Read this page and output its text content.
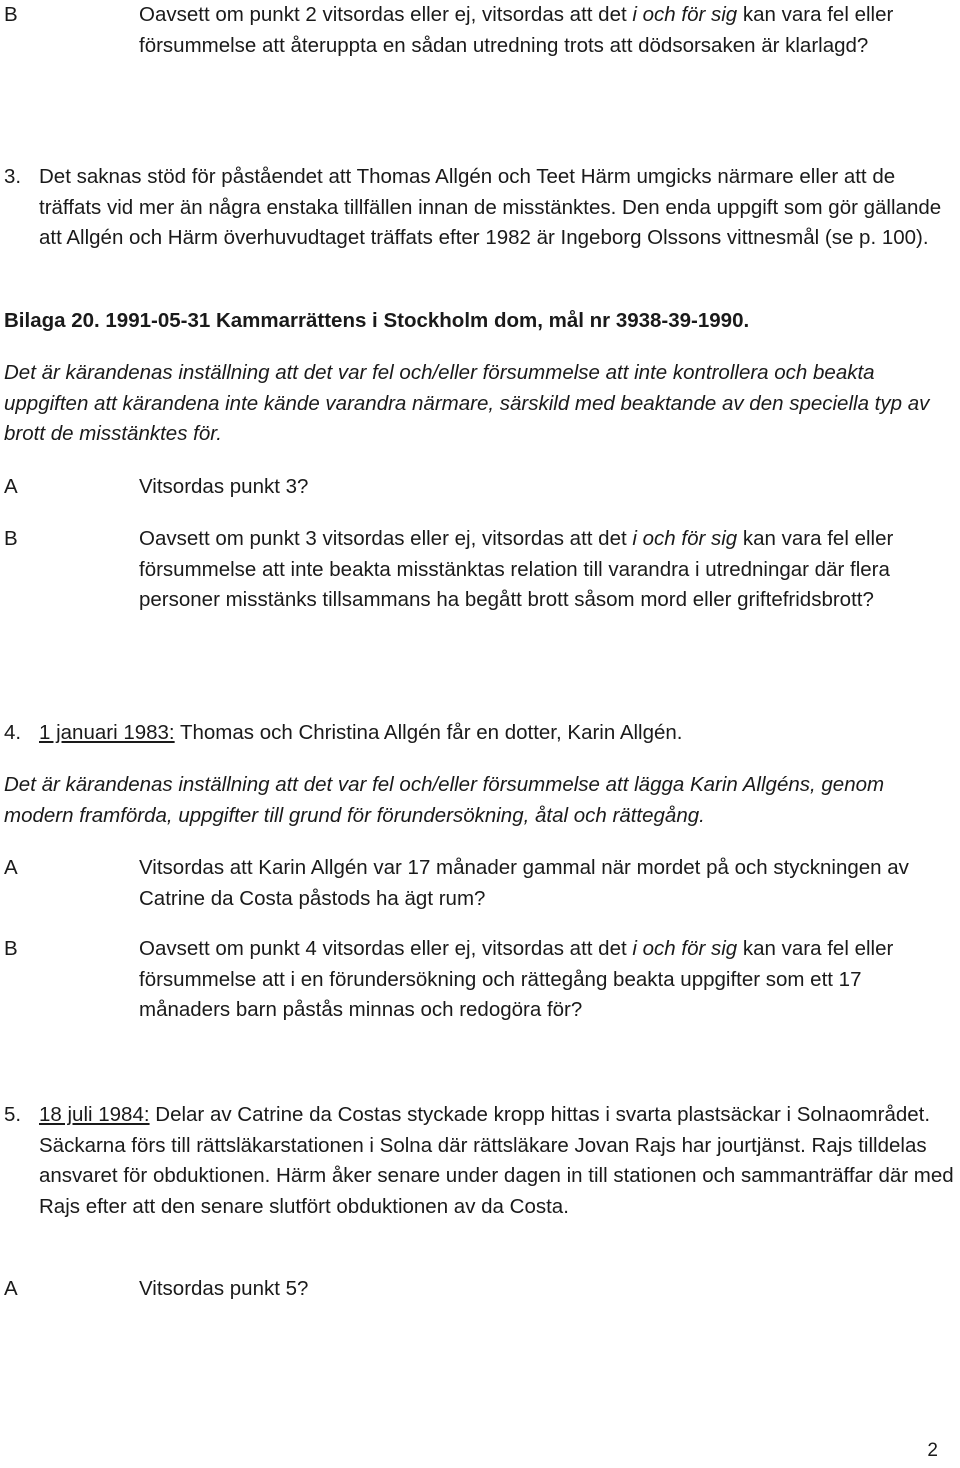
B	Oavsett om punkt 2 vitsordas eller ej, vitsordas att det i och för sig kan vara fel eller försummelse att återuppta en sådan utredning trots att dödsorsaken är klarlagd?

3. Det saknas stöd för påståendet att Thomas Allgén och Teet Härm umgicks närmare eller att de träffats vid mer än några enstaka tillfällen innan de misstänktes. Den enda uppgift som gör gällande att Allgén och Härm överhuvudtaget träffats efter 1982 är Ingeborg Olssons vittnesmål (se p. 100).

Bilaga 20. 1991-05-31 Kammarrättens i Stockholm dom, mål nr 3938-39-1990.

Det är kärandenas inställning att det var fel och/eller försummelse att inte kontrollera och beakta uppgiften att kärandena inte kände varandra närmare, särskild med beaktande av den speciella typ av brott de misstänktes för.

A	Vitsordas punkt 3?

B	Oavsett om punkt 3 vitsordas eller ej, vitsordas att det i och för sig kan vara fel eller försummelse att inte beakta misstänktas relation till varandra i utredningar där flera personer misstänks tillsammans ha begått brott såsom mord eller griftefridsbrott?

4. 1 januari 1983: Thomas och Christina Allgén får en dotter, Karin Allgén.

Det är kärandenas inställning att det var fel och/eller försummelse att lägga Karin Allgéns, genom modern framförda, uppgifter till grund för förundersökning, åtal och rättegång.

A	Vitsordas att Karin Allgén var 17 månader gammal när mordet på och styckningen av Catrine da Costa påstods ha ägt rum?

B	Oavsett om punkt 4 vitsordas eller ej, vitsordas att det i och för sig kan vara fel eller försummelse att i en förundersökning och rättegång beakta uppgifter som ett 17 månaders barn påstås minnas och redogöra för?

5. 18 juli 1984: Delar av Catrine da Costas styckade kropp hittas i svarta plastsäckar i Solnaområdet. Säckarna förs till rättsläkarstationen i Solna där rättsläkare Jovan Rajs har jourtjänst. Rajs tilldelas ansvaret för obduktionen. Härm åker senare under dagen in till stationen och sammanträffar där med Rajs efter att den senare slutfört obduktionen av da Costa.

A	Vitsordas punkt 5?

2
